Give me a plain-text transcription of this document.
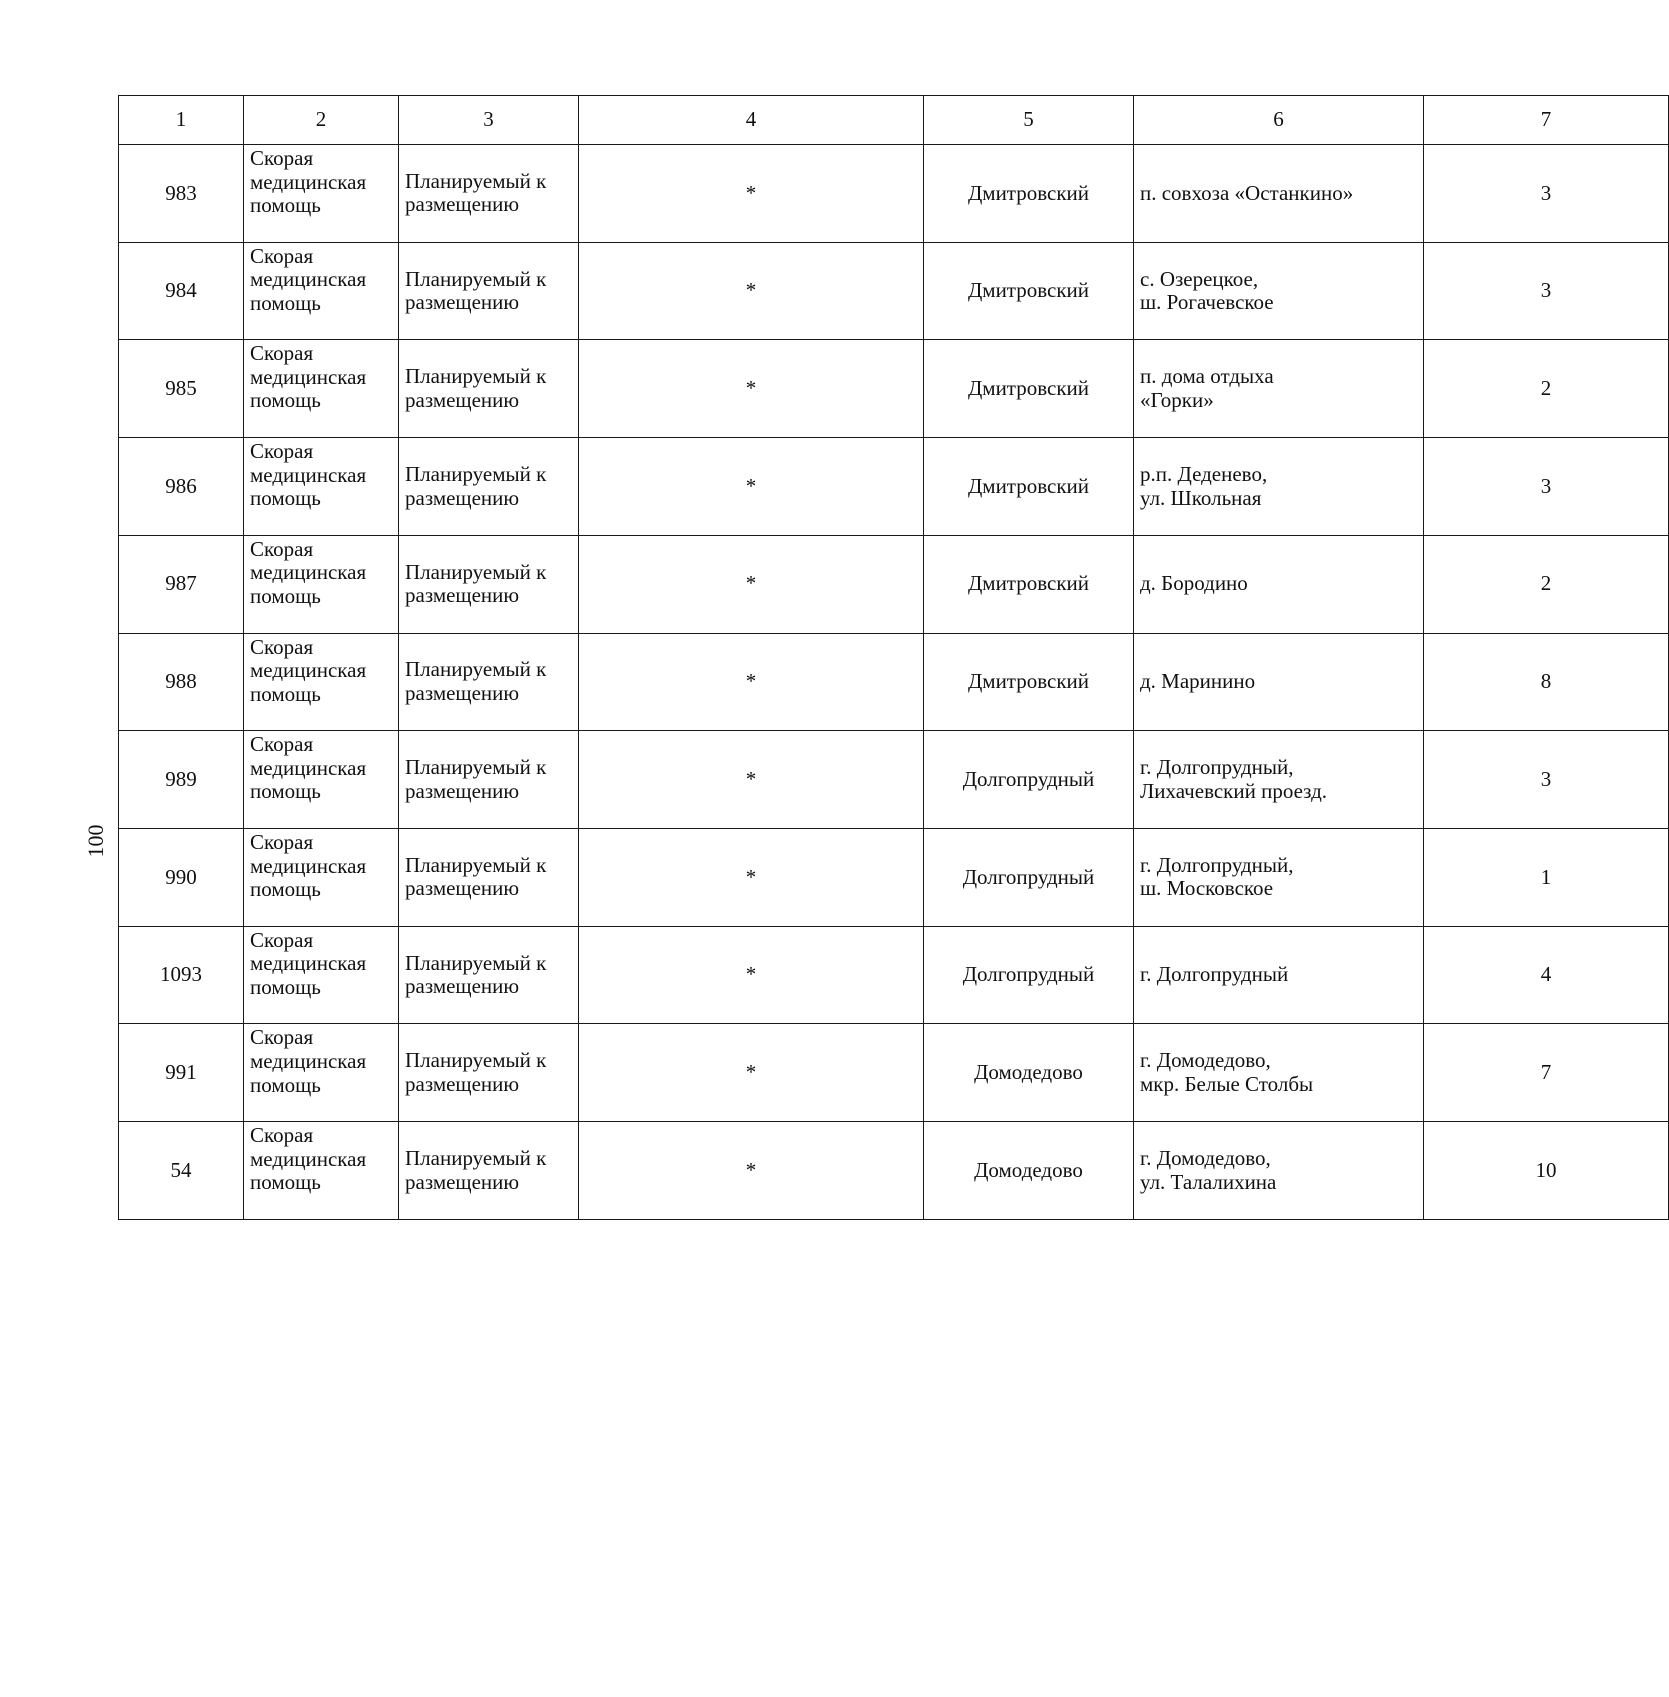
100
1	2	3	4	5	6	7
983	Скорая
медицинская
помощь	Планируемый к
размещению	*	Дмитровский	п. совхоза «Останкино»	3
984	Скорая
медицинская
помощь	Планируемый к
размещению	*	Дмитровский	с. Озерецкое,
ш. Рогачевское	3
985	Скорая
медицинская
помощь	Планируемый к
размещению	*	Дмитровский	п. дома отдыха
«Горки»	2
986	Скорая
медицинская
помощь	Планируемый к
размещению	*	Дмитровский	р.п. Деденево,
ул. Школьная	3
987	Скорая
медицинская
помощь	Планируемый к
размещению	*	Дмитровский	д. Бородино	2
988	Скорая
медицинская
помощь	Планируемый к
размещению	*	Дмитровский	д. Маринино	8
989	Скорая
медицинская
помощь	Планируемый к
размещению	*	Долгопрудный	г. Долгопрудный,
Лихачевский проезд.	3
990	Скорая
медицинская
помощь	Планируемый к
размещению	*	Долгопрудный	г. Долгопрудный,
ш. Московское	1
1093	Скорая
медицинская
помощь	Планируемый к
размещению	*	Долгопрудный	г. Долгопрудный	4
991	Скорая
медицинская
помощь	Планируемый к
размещению	*	Домодедово	г. Домодедово,
мкр. Белые Столбы	7
54	Скорая
медицинская
помощь	Планируемый к
размещению	*	Домодедово	г. Домодедово,
ул. Талалихина	10
